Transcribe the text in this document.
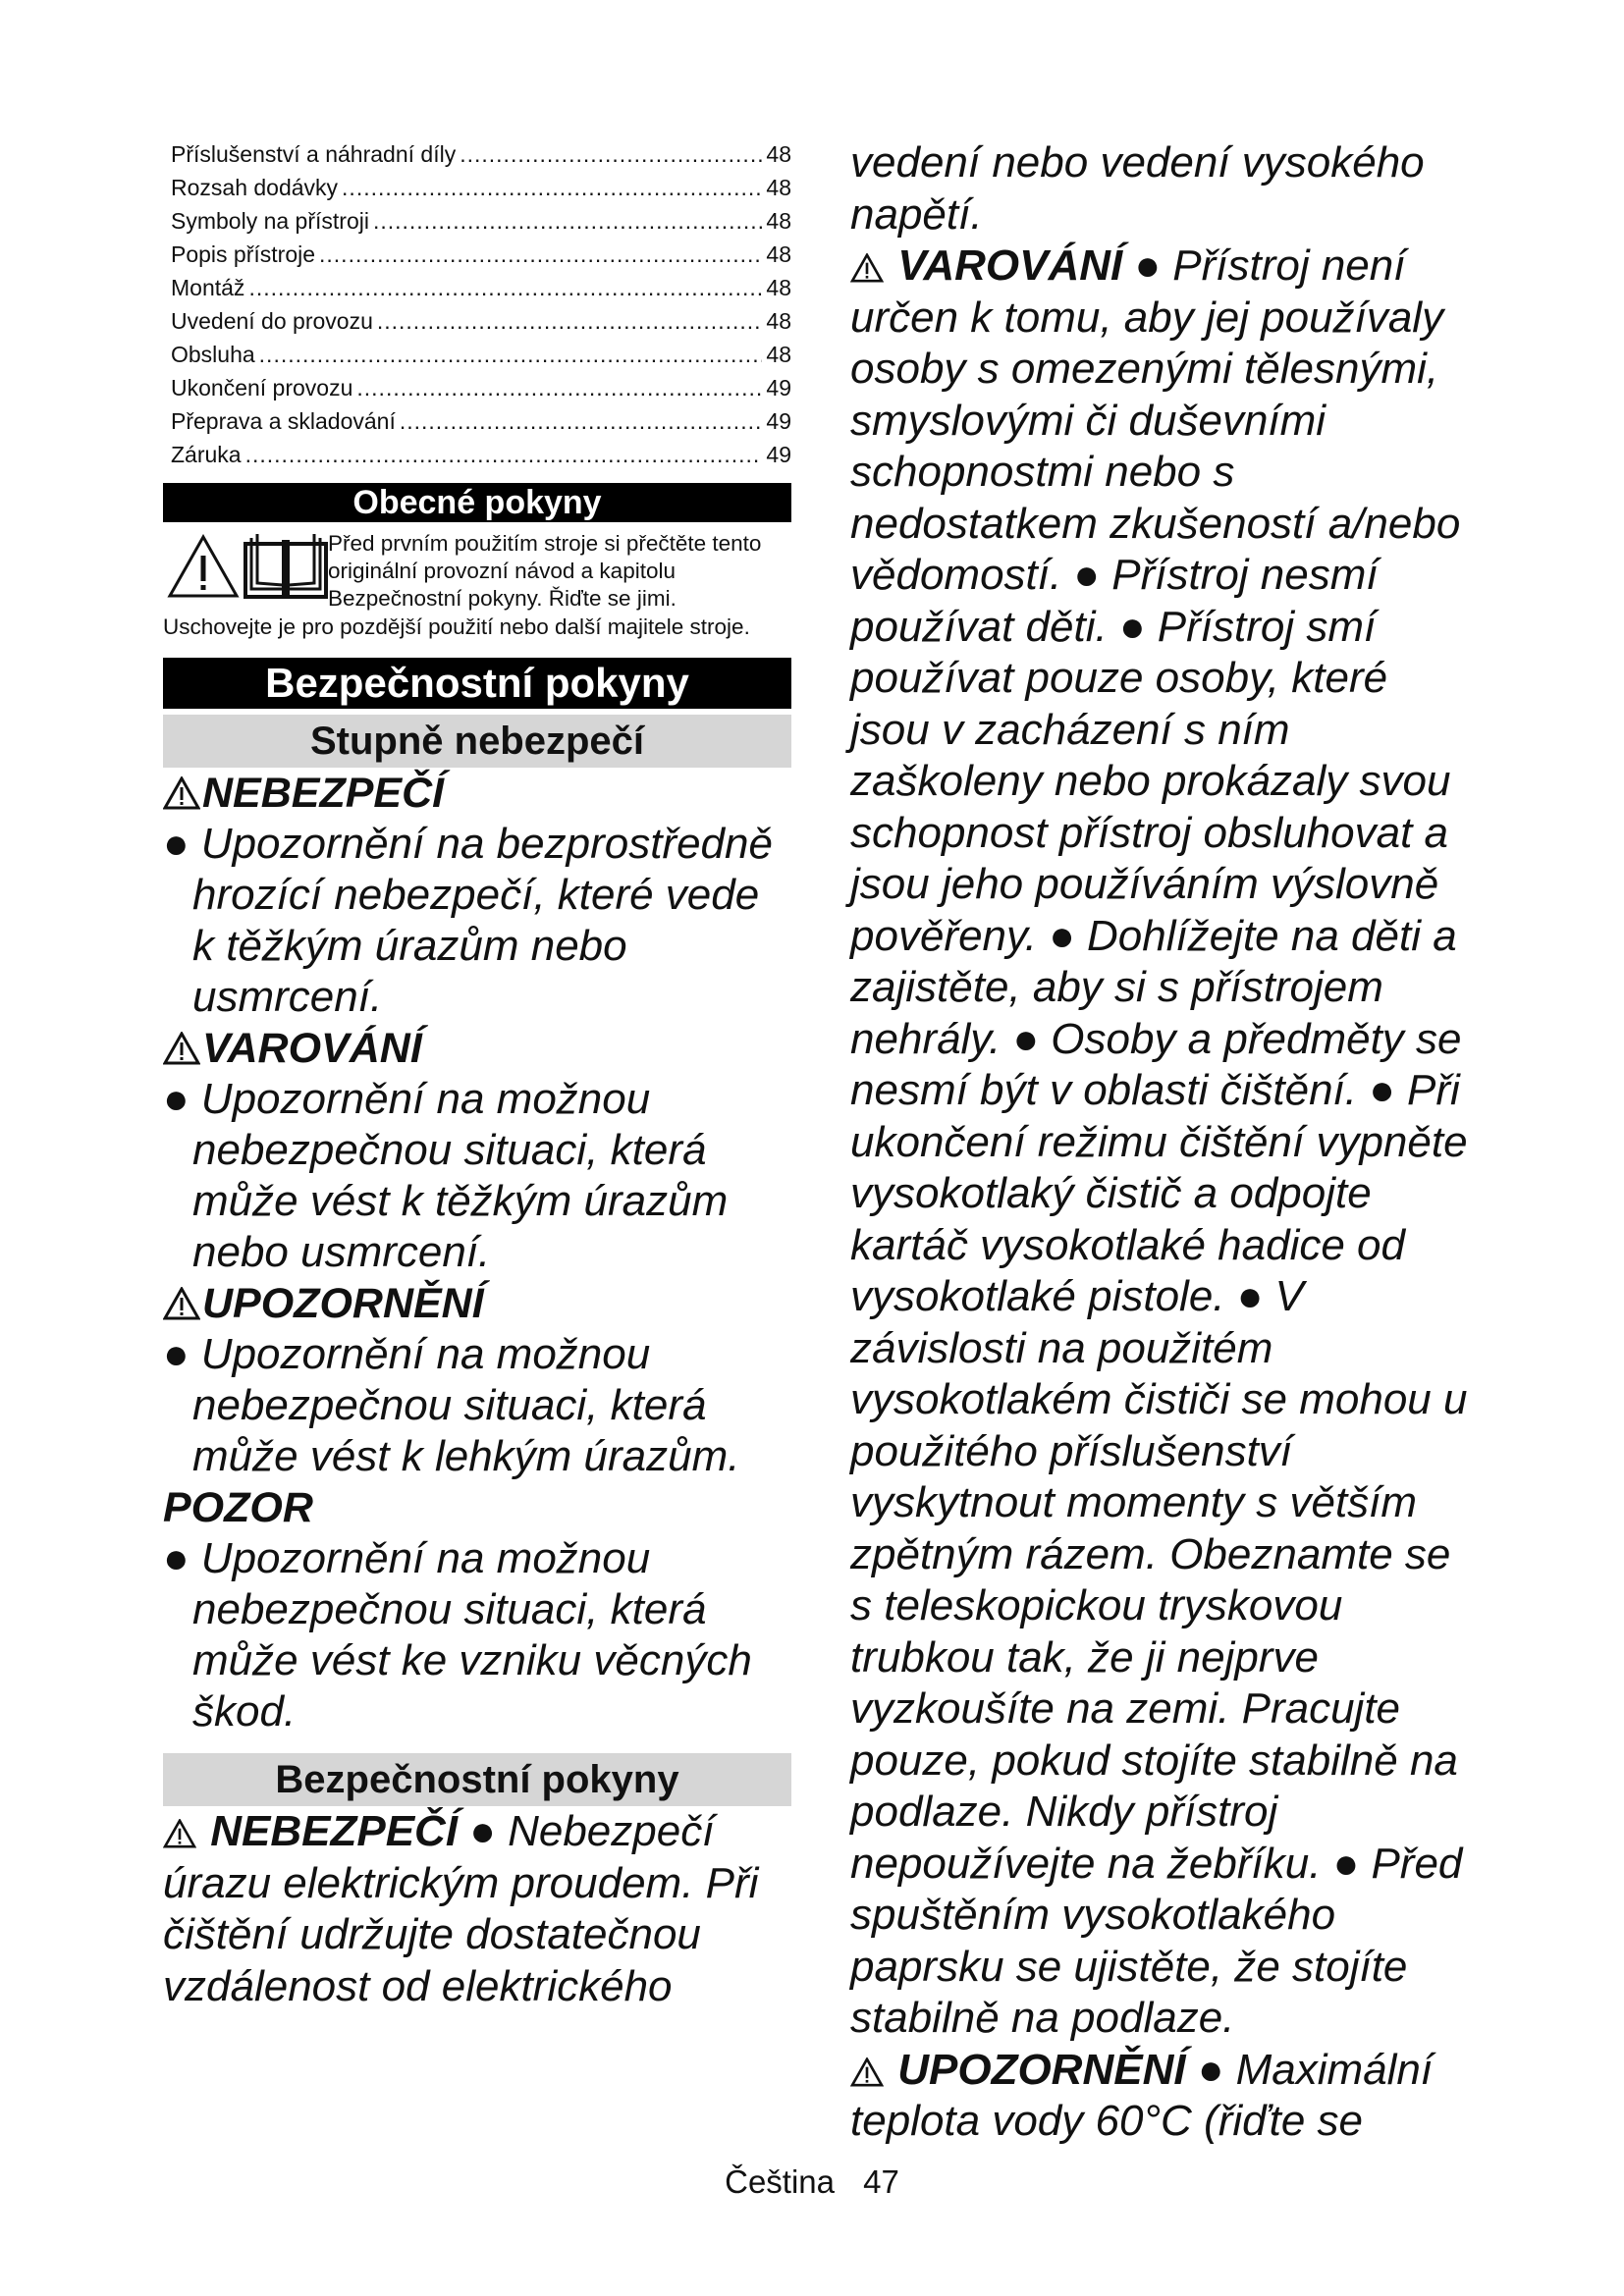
Příslušenství a náhradní díly .....	48
Rozsah dodávky .....	48
Symboly na přístroji .....	48
Popis přístroje .....	48
Montáž .....	48
Uvedení do provozu .....	48
Obsluha .....	48
Ukončení provozu .....	49
Přeprava a skladování .....	49
Záruka .....	49
Obecné pokyny
Před prvním použitím stroje si přečtěte tento originální provozní návod a kapitolu Bezpečnostní pokyny. Řiďte se jimi.
Uschovejte je pro pozdější použití nebo další majitele stroje.
Bezpečnostní pokyny
Stupně nebezpečí
NEBEZPEČÍ
● Upozornění na bezprostředně hrozící nebezpečí, které vede k těžkým úrazům nebo usmrcení.
VAROVÁNÍ
● Upozornění na možnou nebezpečnou situaci, která může vést k těžkým úrazům nebo usmrcení.
UPOZORNĚNÍ
● Upozornění na možnou nebezpečnou situaci, která může vést k lehkým úrazům.
POZOR
● Upozornění na možnou nebezpečnou situaci, která může vést ke vzniku věcných škod.
Bezpečnostní pokyny
NEBEZPEČÍ ● Nebezpečí úrazu elektrickým proudem. Při čištění udržujte dostatečnou vzdálenost od elektrického
vedení nebo vedení vysokého napětí.
VAROVÁNÍ ● Přístroj není určen k tomu, aby jej používaly osoby s omezenými tělesnými, smyslovými či duševními schopnostmi nebo s nedostatkem zkušeností a/nebo vědomostí. ● Přístroj nesmí používat děti. ● Přístroj smí používat pouze osoby, které jsou v zacházení s ním zaškoleny nebo prokázaly svou schopnost přístroj obsluhovat a jsou jeho používáním výslovně pověřeny. ● Dohlížejte na děti a zajistěte, aby si s přístrojem nehrály. ● Osoby a předměty se nesmí být v oblasti čištění. ● Při ukončení režimu čištění vypněte vysokotlaký čistič a odpojte kartáč vysokotlaké hadice od vysokotlaké pistole. ● V závislosti na použitém vysokotlakém čističi se mohou u použitého příslušenství vyskytnout momenty s větším zpětným rázem. Obeznamte se s teleskopickou tryskovou trubkou tak, že ji nejprve vyzkoušíte na zemi. Pracujte pouze, pokud stojíte stabilně na podlaze. Nikdy přístroj nepoužívejte na žebříku. ● Před spuštěním vysokotlakého paprsku se ujistěte, že stojíte stabilně na podlaze.
UPOZORNĚNÍ ● Maximální teplota vody 60°C (řiďte se
Čeština 47
